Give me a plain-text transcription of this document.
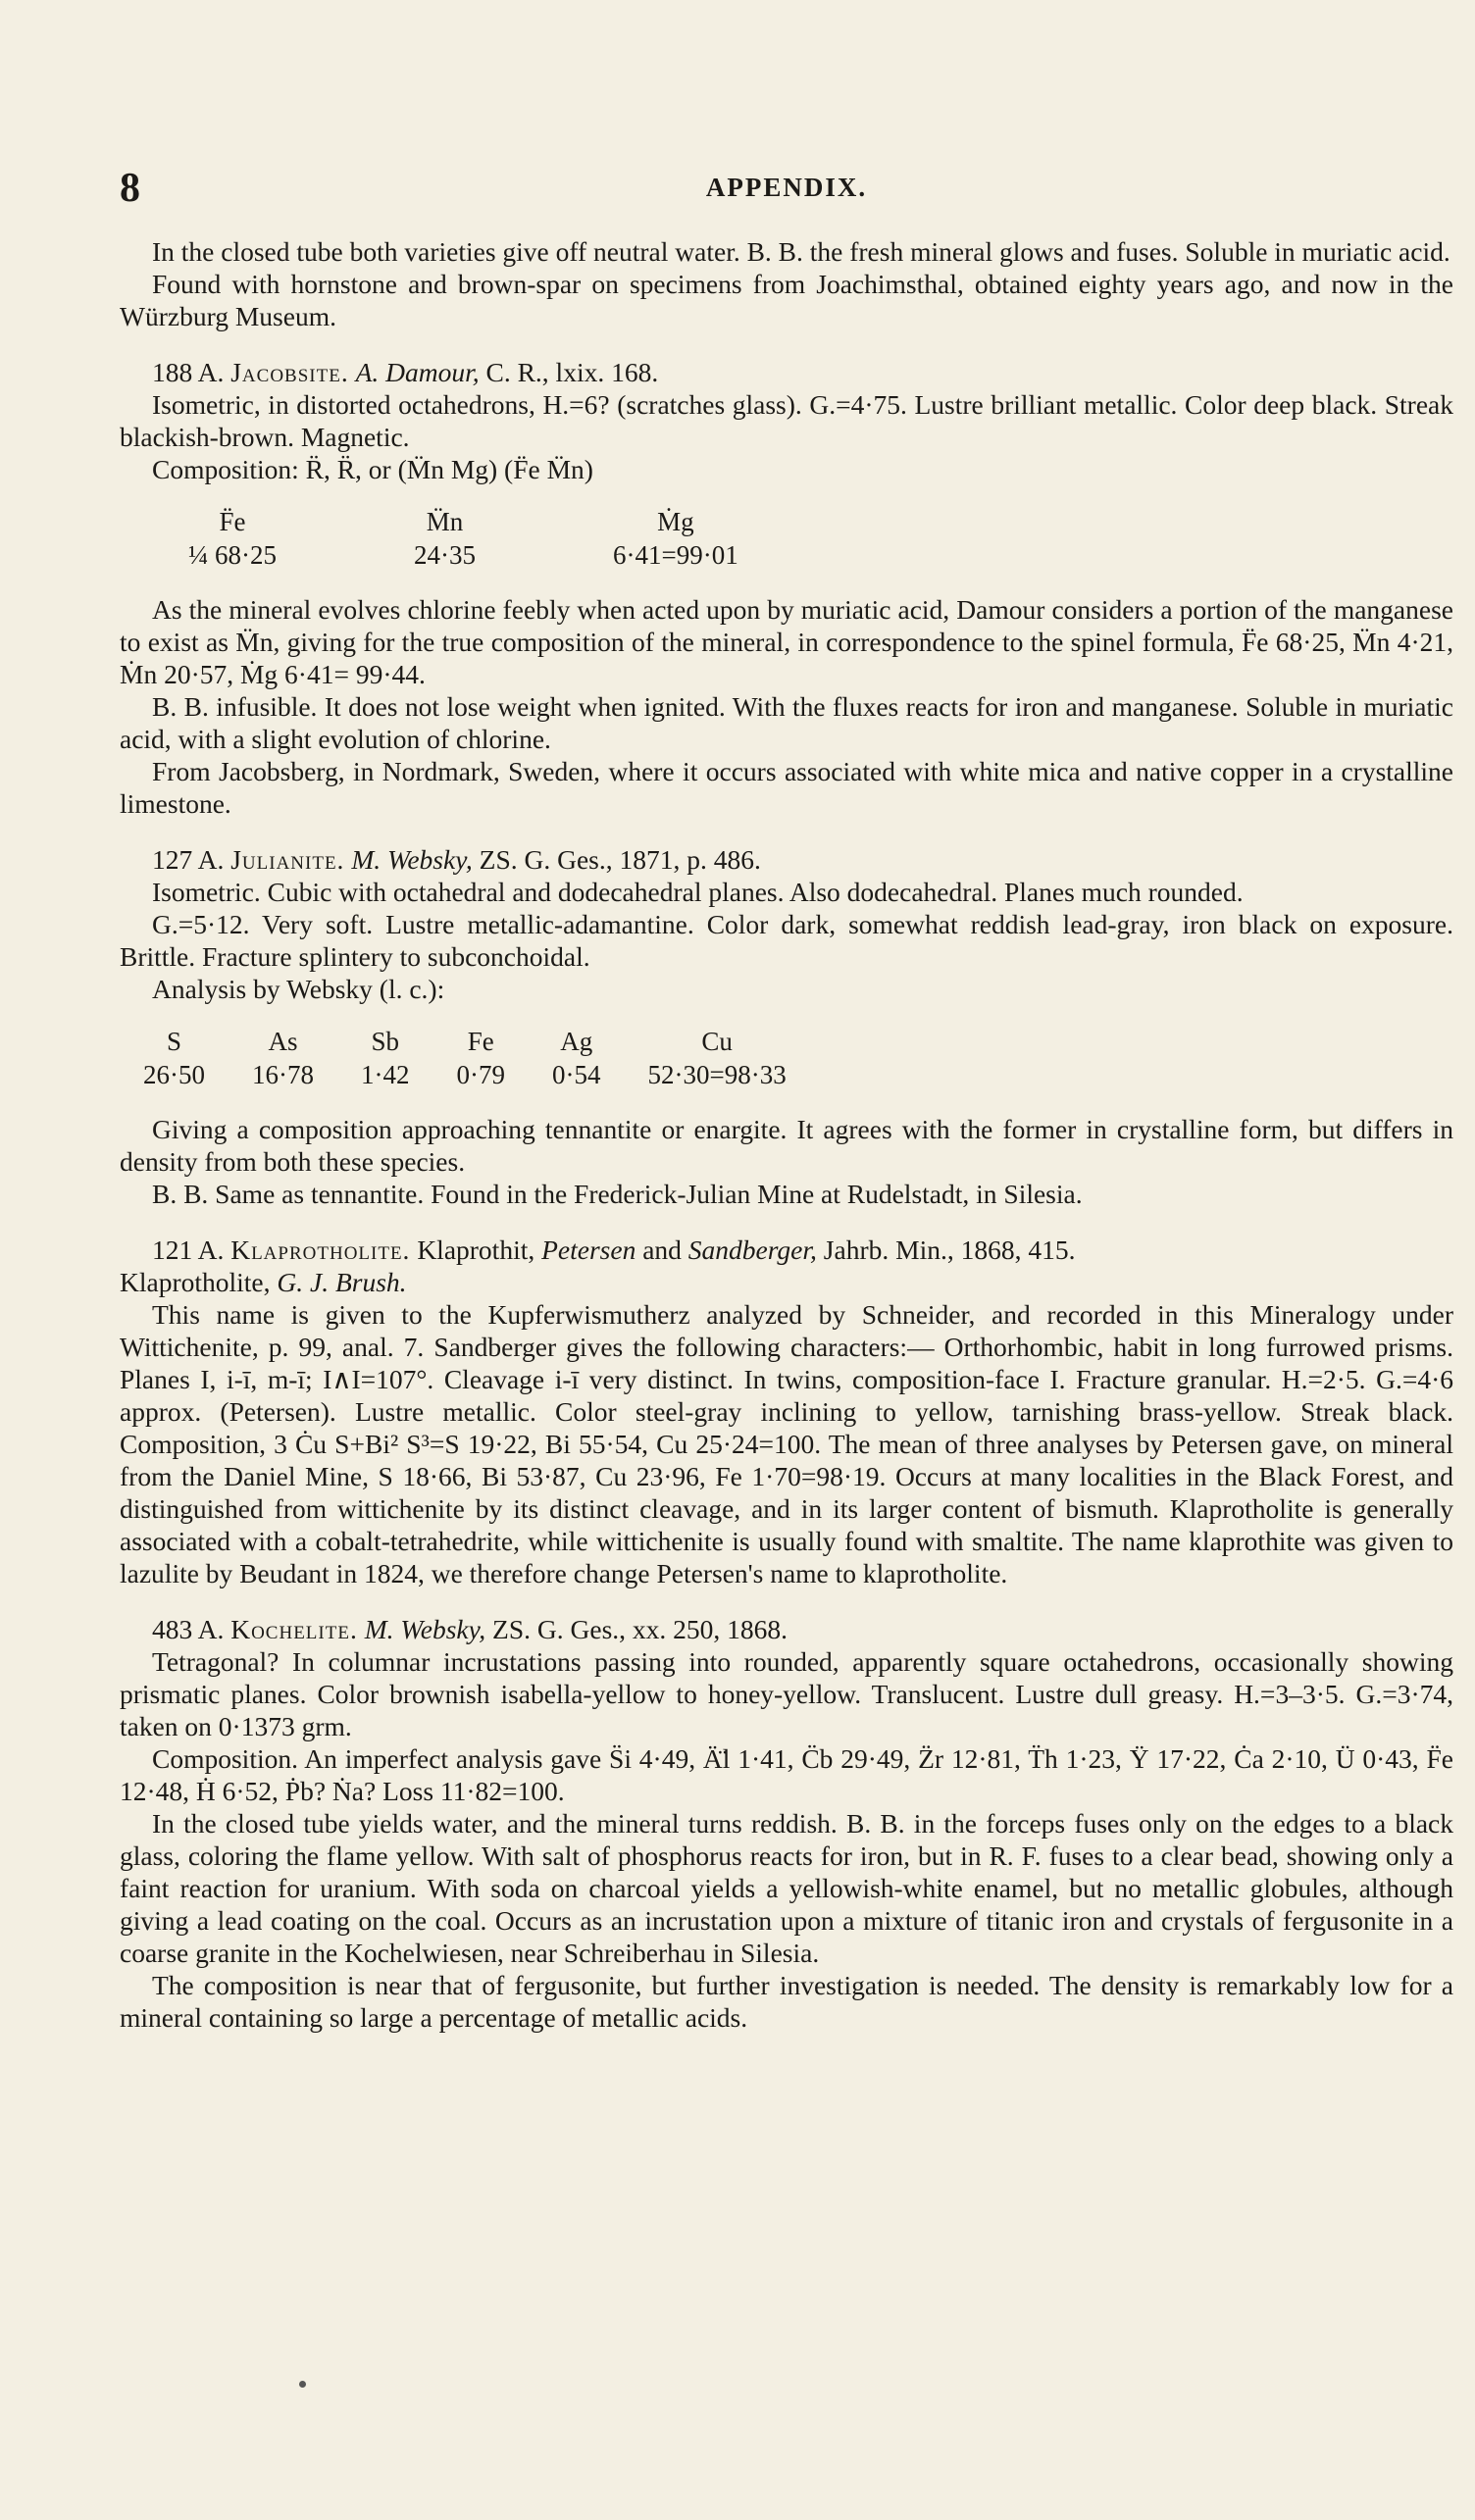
8	APPENDIX.

In the closed tube both varieties give off neutral water. B. B. the fresh mineral glows and fuses. Soluble in muriatic acid.

Found with hornstone and brown-spar on specimens from Joachimsthal, obtained eighty years ago, and now in the Würzburg Museum.

188 A. Jacobsite. A. Damour, C. R., lxix. 168.

Isometric, in distorted octahedrons, H.=6? (scratches glass). G.=4·75. Lustre brilliant metallic. Color deep black. Streak blackish-brown. Magnetic.

Composition: R̈, R̈, or (M̈n Mg) (F̈e M̈n)

F̈e	M̈n	Ṁg
¼ 68·25	24·35	6·41=99·01

As the mineral evolves chlorine feebly when acted upon by muriatic acid, Damour considers a portion of the manganese to exist as M̈n, giving for the true composition of the mineral, in correspondence to the spinel formula, F̈e 68·25, M̈n 4·21, Ṁn 20·57, Ṁg 6·41= 99·44.

B. B. infusible. It does not lose weight when ignited. With the fluxes reacts for iron and manganese. Soluble in muriatic acid, with a slight evolution of chlorine.

From Jacobsberg, in Nordmark, Sweden, where it occurs associated with white mica and native copper in a crystalline limestone.

127 A. Julianite. M. Websky, ZS. G. Ges., 1871, p. 486.

Isometric. Cubic with octahedral and dodecahedral planes. Also dodecahedral. Planes much rounded.

G.=5·12. Very soft. Lustre metallic-adamantine. Color dark, somewhat reddish lead-gray, iron black on exposure. Brittle. Fracture splintery to subconchoidal.

Analysis by Websky (l. c.):

S	As	Sb	Fe	Ag	Cu
26·50	16·78	1·42	0·79	0·54	52·30=98·33

Giving a composition approaching tennantite or enargite. It agrees with the former in crystalline form, but differs in density from both these species.

B. B. Same as tennantite. Found in the Frederick-Julian Mine at Rudelstadt, in Silesia.

121 A. Klaprotholite. Klaprothit, Petersen and Sandberger, Jahrb. Min., 1868, 415.

Klaprotholite, G. J. Brush.

This name is given to the Kupferwismutherz analyzed by Schneider, and recorded in this Mineralogy under Wittichenite, p. 99, anal. 7. Sandberger gives the following characters:— Orthorhombic, habit in long furrowed prisms. Planes I, i-ī, m-ī; I∧I=107°. Cleavage i-ī very distinct. In twins, composition-face I. Fracture granular. H.=2·5. G.=4·6 approx. (Petersen). Lustre metallic. Color steel-gray inclining to yellow, tarnishing brass-yellow. Streak black. Composition, 3 Ċu S+Bi² S³=S 19·22, Bi 55·54, Cu 25·24=100. The mean of three analyses by Petersen gave, on mineral from the Daniel Mine, S 18·66, Bi 53·87, Cu 23·96, Fe 1·70=98·19. Occurs at many localities in the Black Forest, and distinguished from wittichenite by its distinct cleavage, and in its larger content of bismuth. Klaprotholite is generally associated with a cobalt-tetrahedrite, while wittichenite is usually found with smaltite. The name klaprothite was given to lazulite by Beudant in 1824, we therefore change Petersen's name to klaprotholite.

483 A. Kochelite. M. Websky, ZS. G. Ges., xx. 250, 1868.

Tetragonal? In columnar incrustations passing into rounded, apparently square octahedrons, occasionally showing prismatic planes. Color brownish isabella-yellow to honey-yellow. Translucent. Lustre dull greasy. H.=3–3·5. G.=3·74, taken on 0·1373 grm.

Composition. An imperfect analysis gave S̈i 4·49, Ä̈l 1·41, C̈b 29·49, Z̈r 12·81, T̈h 1·23, Ÿ 17·22, Ċa 2·10, Ü 0·43, F̈e 12·48, Ḣ 6·52, Ṗb? Ṅa? Loss 11·82=100.

In the closed tube yields water, and the mineral turns reddish. B. B. in the forceps fuses only on the edges to a black glass, coloring the flame yellow. With salt of phosphorus reacts for iron, but in R. F. fuses to a clear bead, showing only a faint reaction for uranium. With soda on charcoal yields a yellowish-white enamel, but no metallic globules, although giving a lead coating on the coal. Occurs as an incrustation upon a mixture of titanic iron and crystals of fergusonite in a coarse granite in the Kochelwiesen, near Schreiberhau in Silesia.

The composition is near that of fergusonite, but further investigation is needed. The density is remarkably low for a mineral containing so large a percentage of metallic acids.
